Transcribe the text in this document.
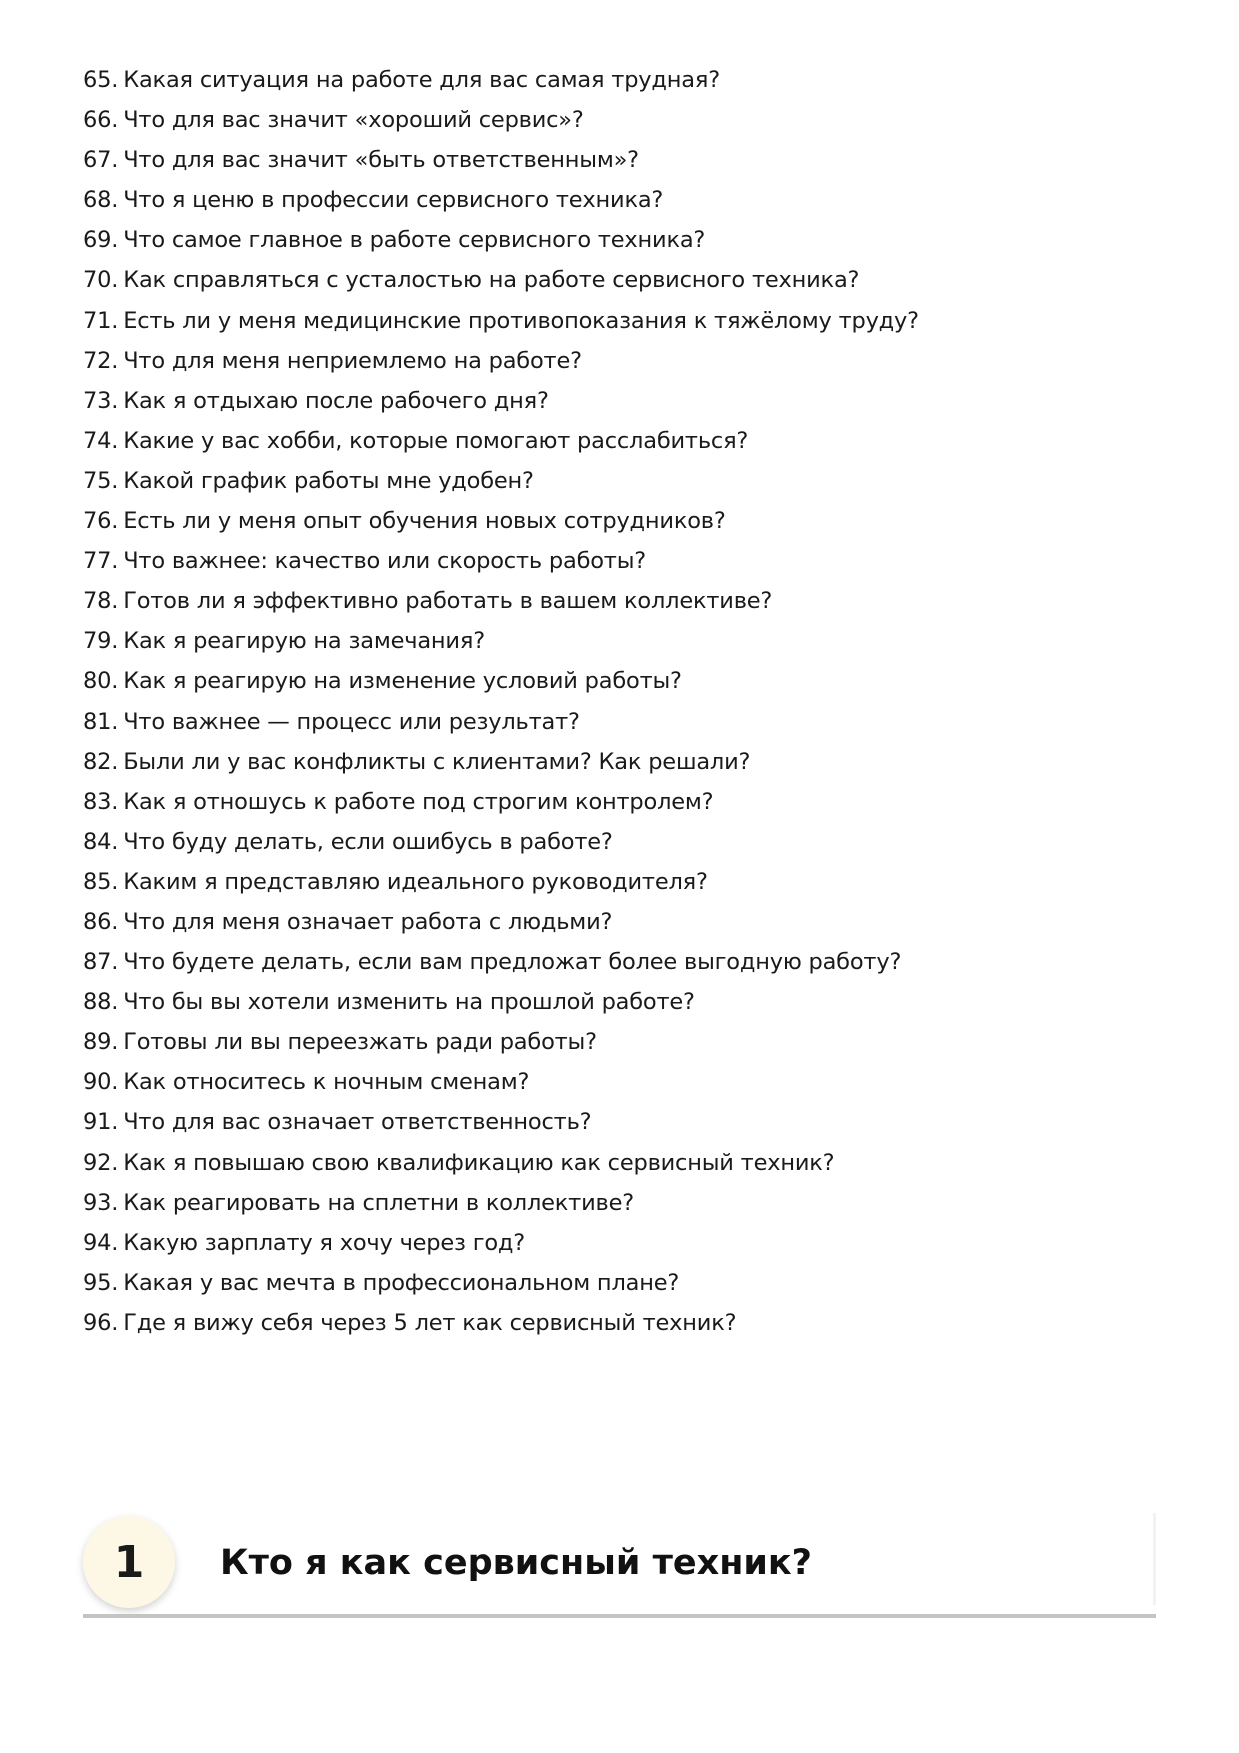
65. Какая ситуация на работе для вас самая трудная?
66. Что для вас значит «хороший сервис»?
67. Что для вас значит «быть ответственным»?
68. Что я ценю в профессии сервисного техника?
69. Что самое главное в работе сервисного техника?
70. Как справляться с усталостью на работе сервисного техника?
71. Есть ли у меня медицинские противопоказания к тяжёлому труду?
72. Что для меня неприемлемо на работе?
73. Как я отдыхаю после рабочего дня?
74. Какие у вас хобби, которые помогают расслабиться?
75. Какой график работы мне удобен?
76. Есть ли у меня опыт обучения новых сотрудников?
77. Что важнее: качество или скорость работы?
78. Готов ли я эффективно работать в вашем коллективе?
79. Как я реагирую на замечания?
80. Как я реагирую на изменение условий работы?
81. Что важнее — процесс или результат?
82. Были ли у вас конфликты с клиентами? Как решали?
83. Как я отношусь к работе под строгим контролем?
84. Что буду делать, если ошибусь в работе?
85. Каким я представляю идеального руководителя?
86. Что для меня означает работа с людьми?
87. Что будете делать, если вам предложат более выгодную работу?
88. Что бы вы хотели изменить на прошлой работе?
89. Готовы ли вы переезжать ради работы?
90. Как относитесь к ночным сменам?
91. Что для вас означает ответственность?
92. Как я повышаю свою квалификацию как сервисный техник?
93. Как реагировать на сплетни в коллективе?
94. Какую зарплату я хочу через год?
95. Какая у вас мечта в профессиональном плане?
96. Где я вижу себя через 5 лет как сервисный техник?
1	Кто я как сервисный техник?
